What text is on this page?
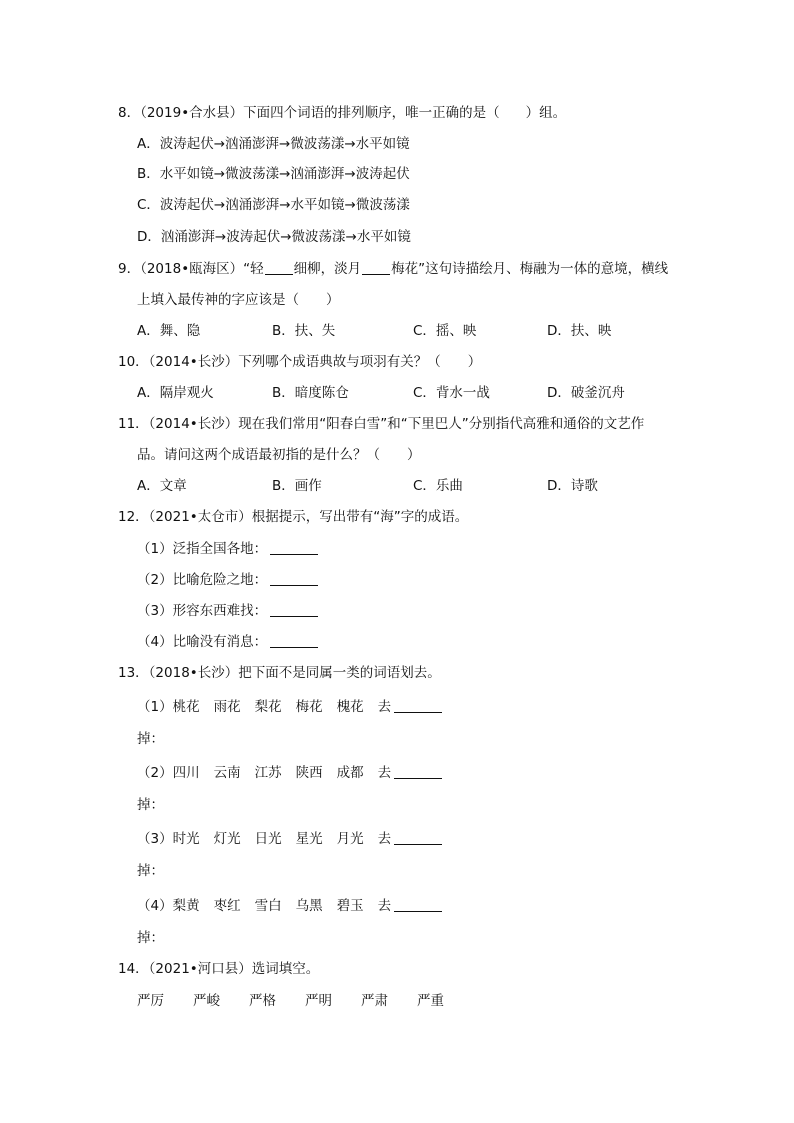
8．（2019•合水县）下面四个词语的排列顺序，唯一正确的是（ ）组。
A．波涛起伏→汹涌澎湃→微波荡漾→水平如镜
B．水平如镜→微波荡漾→汹涌澎湃→波涛起伏
C．波涛起伏→汹涌澎湃→水平如镜→微波荡漾
D．汹涌澎湃→波涛起伏→微波荡漾→水平如镜
9．（2018•瓯海区）“轻 细柳，淡月 梅花”这句诗描绘月、梅融为一体的意境，横线
上填入最传神的字应该是（　　）
A．舞、隐	B．扶、失	C．摇、映	D．扶、映
10．（2014•长沙）下列哪个成语典故与项羽有关？（　　）
A．隔岸观火	B．暗度陈仓	C．背水一战	D．破釜沉舟
11．（2014•长沙）现在我们常用“阳春白雪”和“下里巴人”分别指代高雅和通俗的文艺作
品。请问这两个成语最初指的是什么？（　　）
A．文章	B．画作	C．乐曲	D．诗歌
12．（2021•太仓市）根据提示，写出带有“海”字的成语。
（1）泛指全国各地：
（2）比喻危险之地：
（3）形容东西难找：
（4）比喻没有消息：
13．（2018•长沙）把下面不是同属一类的词语划去。
（1）桃花 雨花 梨花 梅花 槐花 去
掉：
（2）四川 云南 江苏 陕西 成都 去
掉：
（3）时光 灯光 日光 星光 月光 去
掉：
（4）梨黄 枣红 雪白 乌黑 碧玉 去
掉：
14．（2021•河口县）选词填空。
严厉 严峻 严格 严明 严肃 严重
